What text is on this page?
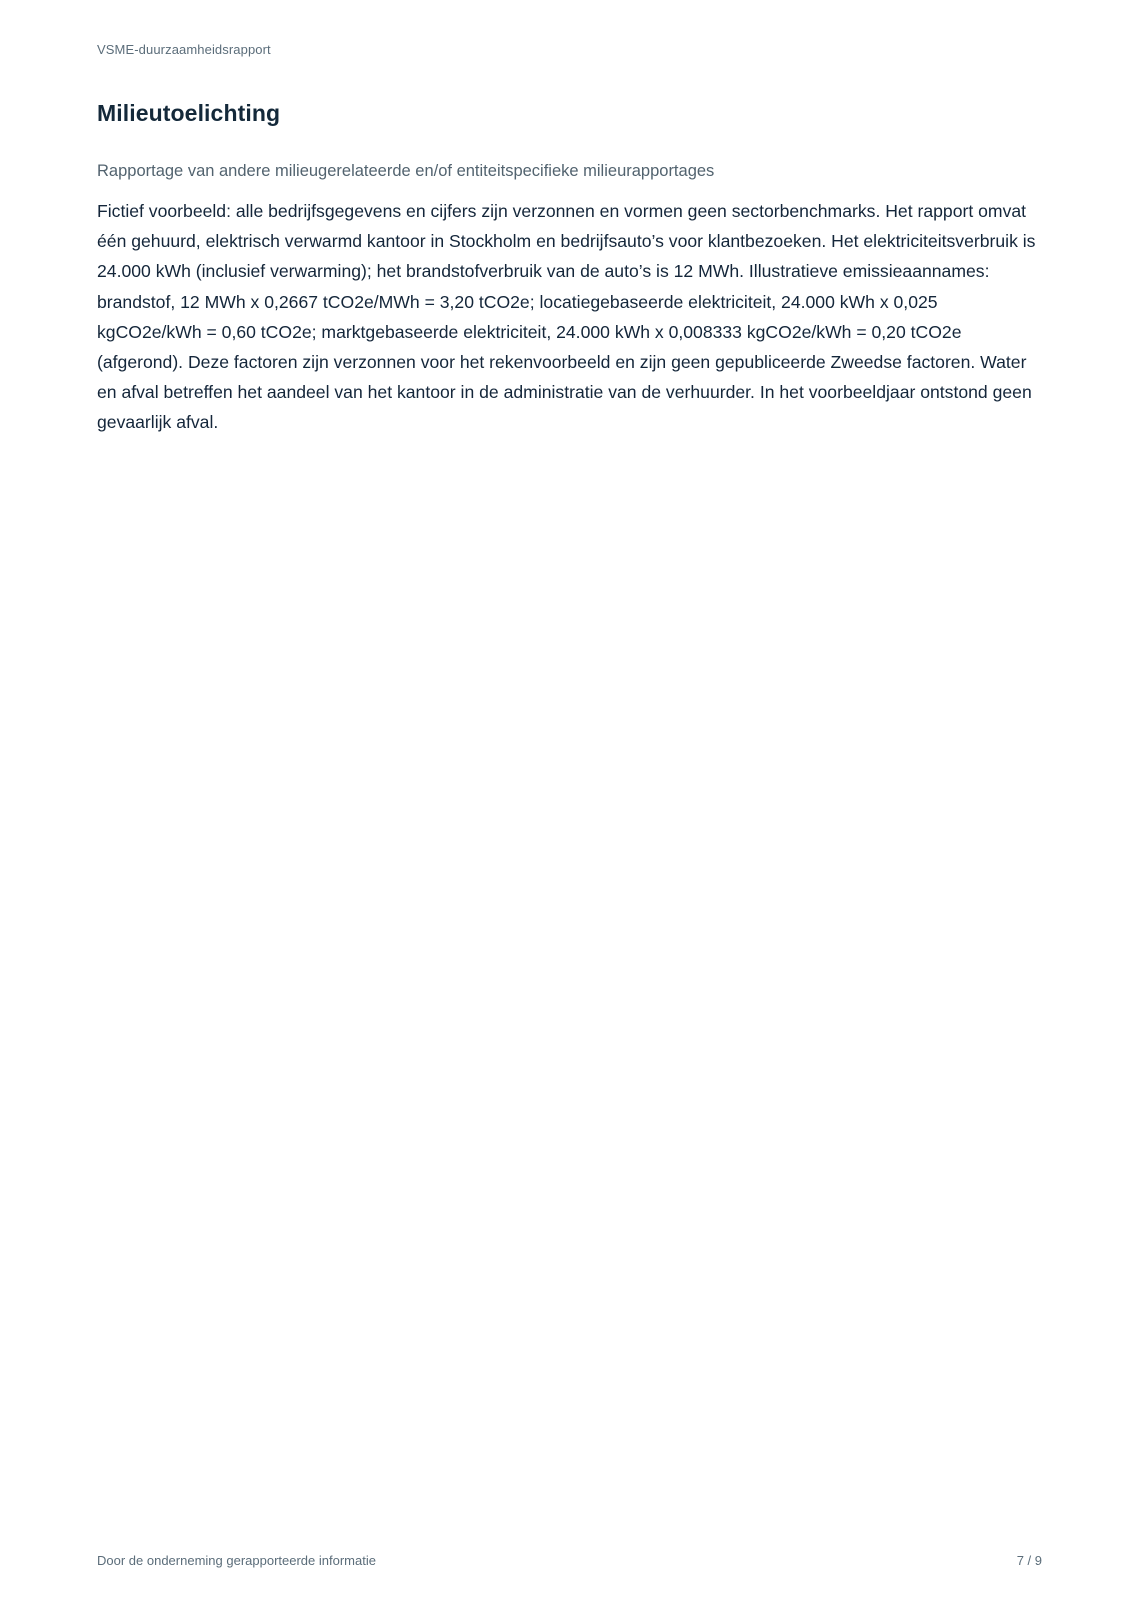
VSME-duurzaamheidsrapport
Milieutoelichting
Rapportage van andere milieugerelateerde en/of entiteitspecifieke milieurapportages

Fictief voorbeeld: alle bedrijfsgegevens en cijfers zijn verzonnen en vormen geen sectorbenchmarks. Het rapport omvat één gehuurd, elektrisch verwarmd kantoor in Stockholm en bedrijfsauto’s voor klantbezoeken. Het elektriciteitsverbruik is 24.000 kWh (inclusief verwarming); het brandstofverbruik van de auto’s is 12 MWh. Illustratieve emissieaannames: brandstof, 12 MWh x 0,2667 tCO2e/MWh = 3,20 tCO2e; locatiegebaseerde elektriciteit, 24.000 kWh x 0,025 kgCO2e/kWh = 0,60 tCO2e; marktgebaseerde elektriciteit, 24.000 kWh x 0,008333 kgCO2e/kWh = 0,20 tCO2e (afgerond). Deze factoren zijn verzonnen voor het rekenvoorbeeld en zijn geen gepubliceerde Zweedse factoren. Water en afval betreffen het aandeel van het kantoor in de administratie van de verhuurder. In het voorbeeldjaar ontstond geen gevaarlijk afval.

Door de onderneming gerapporteerde informatie	7 / 9
